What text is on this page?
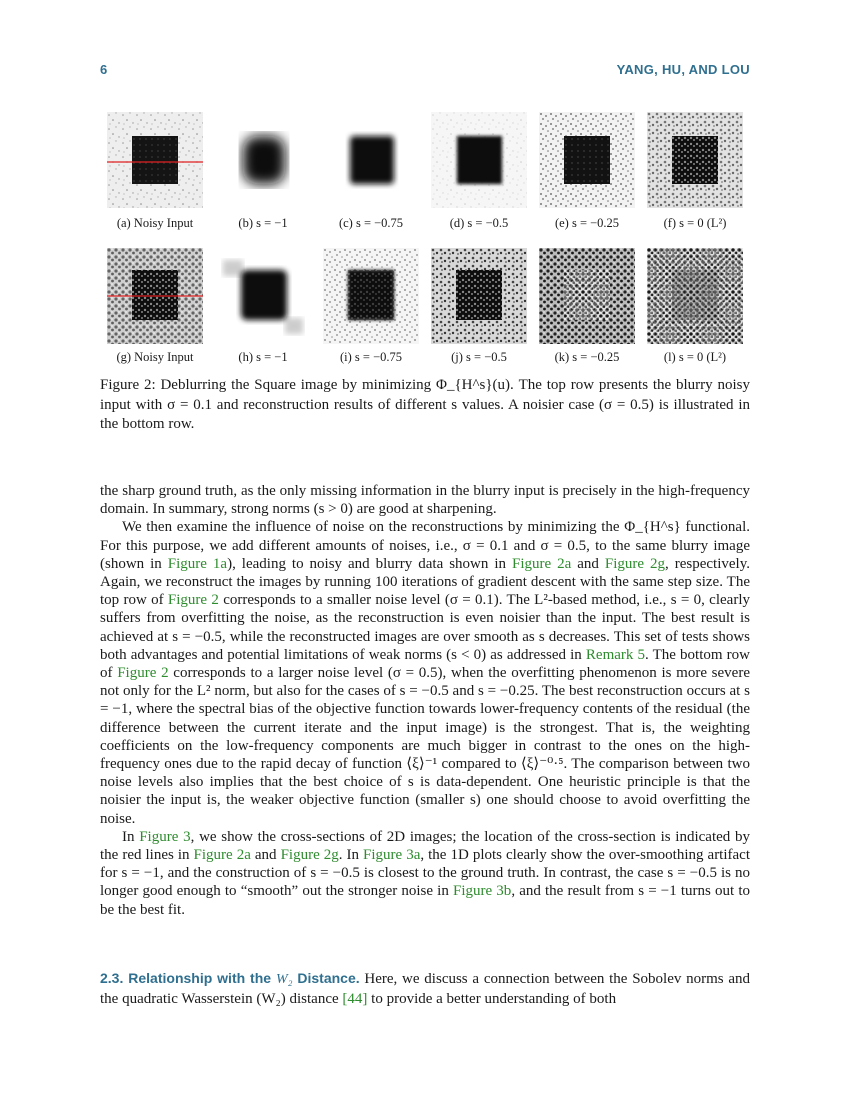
6	YANG, HU, AND LOU
(a) Noisy Input	(b) s = −1	(c) s = −0.75	(d) s = −0.5	(e) s = −0.25	(f) s = 0 (L²)
(g) Noisy Input	(h) s = −1	(i) s = −0.75	(j) s = −0.5	(k) s = −0.25	(l) s = 0 (L²)
Figure 2: Deblurring the Square image by minimizing Φ_{H^s}(u). The top row presents the blurry noisy input with σ = 0.1 and reconstruction results of different s values. A noisier case (σ = 0.5) is illustrated in the bottom row.

the sharp ground truth, as the only missing information in the blurry input is precisely in the high-frequency domain. In summary, strong norms (s > 0) are good at sharpening.

We then examine the influence of noise on the reconstructions by minimizing the Φ_{H^s} functional. For this purpose, we add different amounts of noises, i.e., σ = 0.1 and σ = 0.5, to the same blurry image (shown in Figure 1a), leading to noisy and blurry data shown in Figure 2a and Figure 2g, respectively. Again, we reconstruct the images by running 100 iterations of gradient descent with the same step size. The top row of Figure 2 corresponds to a smaller noise level (σ = 0.1). The L²-based method, i.e., s = 0, clearly suffers from overfitting the noise, as the reconstruction is even noisier than the input. The best result is achieved at s = −0.5, while the reconstructed images are over smooth as s decreases. This set of tests shows both advantages and potential limitations of weak norms (s < 0) as addressed in Remark 5. The bottom row of Figure 2 corresponds to a larger noise level (σ = 0.5), when the overfitting phenomenon is more severe not only for the L² norm, but also for the cases of s = −0.5 and s = −0.25. The best reconstruction occurs at s = −1, where the spectral bias of the objective function towards lower-frequency contents of the residual (the difference between the current iterate and the input image) is the strongest. That is, the weighting coefficients on the low-frequency components are much bigger in contrast to the ones on the high-frequency ones due to the rapid decay of function ⟨ξ⟩⁻¹ compared to ⟨ξ⟩⁻⁰·⁵. The comparison between two noise levels also implies that the best choice of s is data-dependent. One heuristic principle is that the noisier the input is, the weaker objective function (smaller s) one should choose to avoid overfitting the noise.

In Figure 3, we show the cross-sections of 2D images; the location of the cross-section is indicated by the red lines in Figure 2a and Figure 2g. In Figure 3a, the 1D plots clearly show the over-smoothing artifact for s = −1, and the construction of s = −0.5 is closest to the ground truth. In contrast, the case s = −0.5 is no longer good enough to “smooth” out the stronger noise in Figure 3b, and the result from s = −1 turns out to be the best fit.

2.3. Relationship with the W₂ Distance. Here, we discuss a connection between the Sobolev norms and the quadratic Wasserstein (W₂) distance [44] to provide a better understanding of both
